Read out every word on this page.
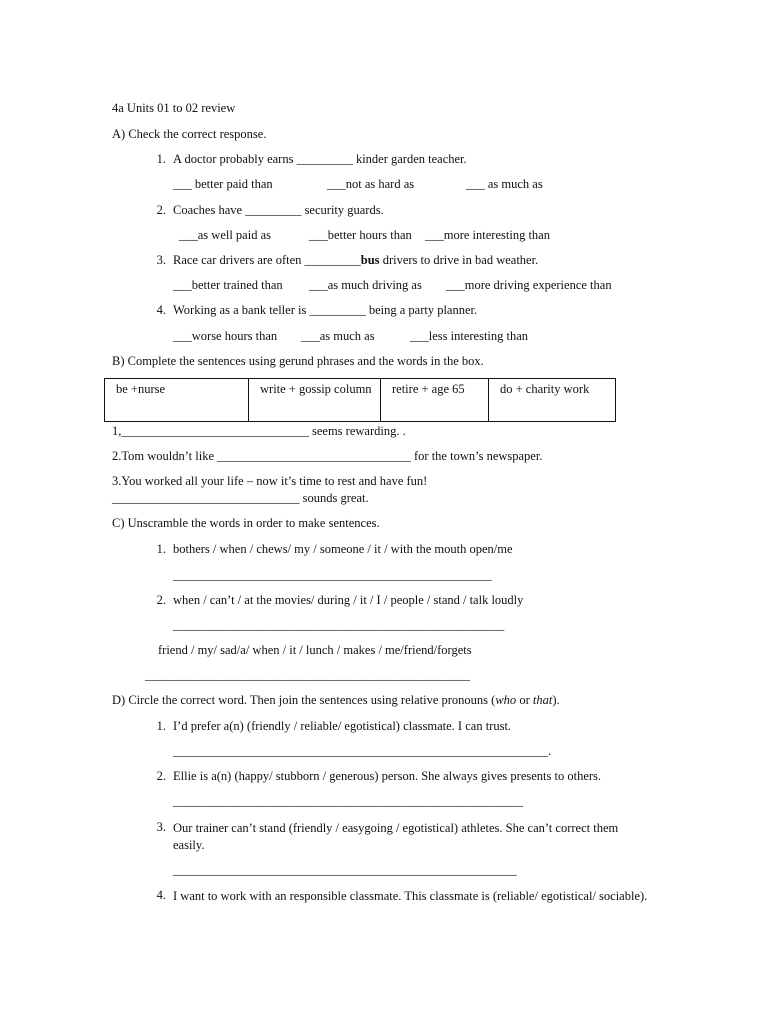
4a Units 01 to 02 review
A) Check the correct response.
1. A doctor probably earns _________ kinder garden teacher.
___ better paid than	___not as hard as	___ as much as
2. Coaches have _________ security guards.
___as well paid as	___better hours than ___more interesting than
3. Race car drivers are often _________bus drivers to drive in bad weather.
___better trained than ___as much driving as ___more driving experience than
4. Working as a bank teller is _________ being a party planner.
___worse hours than ___as much as	___less interesting than
B) Complete the sentences using gerund phrases and the words in the box.
be +nurse	write + gossip column	retire + age 65	do + charity work
1,______________________________ seems rewarding. .
2.Tom wouldn’t like _______________________________ for the town’s newspaper.
3.You worked all your life – now it’s time to rest and have fun!
______________________________ sounds great.
C) Unscramble the words in order to make sentences.
1. bothers / when / chews/ my / someone / it / with the mouth open/me
___________________________________________________
2. when / can’t / at the movies/ during / it / I / people / stand / talk loudly
_____________________________________________________
friend / my/ sad/a/ when / it / lunch / makes / me/friend/forgets
____________________________________________________
D) Circle the correct word. Then join the sentences using relative pronouns (who or that).
1. I’d prefer a(n) (friendly / reliable/ egotistical) classmate. I can trust.
____________________________________________________________.
2. Ellie is a(n) (happy/ stubborn / generous) person. She always gives presents to others.
________________________________________________________
3. Our trainer can’t stand (friendly / easygoing / egotistical) athletes. She can’t correct them easily.
_______________________________________________________
4. I want to work with an responsible classmate. This classmate is (reliable/ egotistical/ sociable).
